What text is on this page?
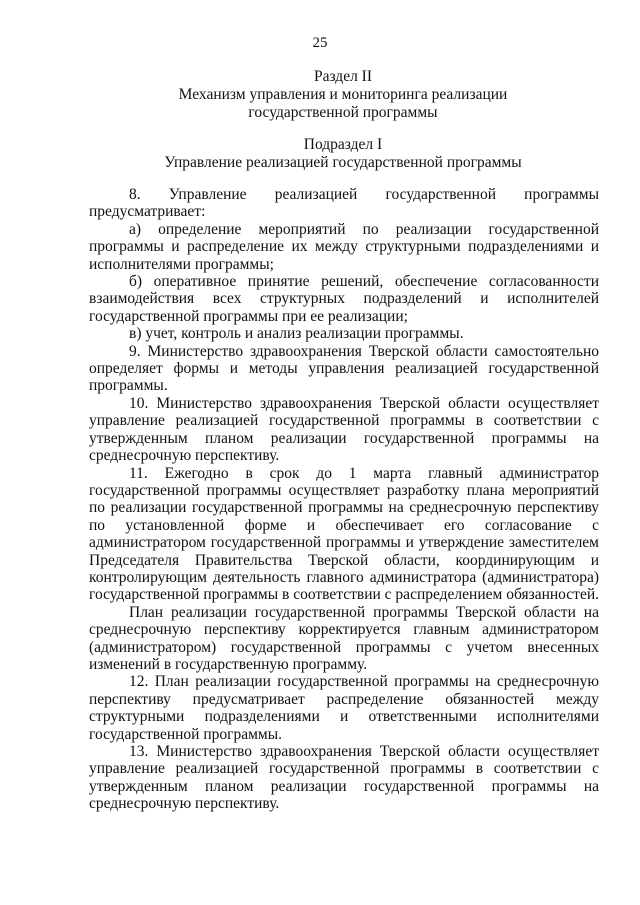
25
Раздел II
Механизм управления и мониторинга реализации
государственной программы
Подраздел I
Управление реализацией государственной программы

8. Управление реализацией государственной программы предусматривает:

а) определение мероприятий по реализации государственной программы и распределение их между структурными подразделениями и исполнителями программы;

б) оперативное принятие решений, обеспечение согласованности взаимодействия всех структурных подразделений и исполнителей государственной программы при ее реализации;

в) учет, контроль и анализ реализации программы.

9. Министерство здравоохранения Тверской области самостоятельно определяет формы и методы управления реализацией государственной программы.

10. Министерство здравоохранения Тверской области осуществляет управление реализацией государственной программы в соответствии с утвержденным планом реализации государственной программы на среднесрочную перспективу.

11. Ежегодно в срок до 1 марта главный администратор государственной программы осуществляет разработку плана мероприятий по реализации государственной программы на среднесрочную перспективу по установленной форме и обеспечивает его согласование с администратором государственной программы и утверждение заместителем Председателя Правительства Тверской области, координирующим и контролирующим деятельность главного администратора (администратора) государственной программы в соответствии с распределением обязанностей.

План реализации государственной программы Тверской области на среднесрочную перспективу корректируется главным администратором (администратором) государственной программы с учетом внесенных изменений в государственную программу.

12. План реализации государственной программы на среднесрочную перспективу предусматривает распределение обязанностей между структурными подразделениями и ответственными исполнителями государственной программы.

13. Министерство здравоохранения Тверской области осуществляет управление реализацией государственной программы в соответствии с утвержденным планом реализации государственной программы на среднесрочную перспективу.
